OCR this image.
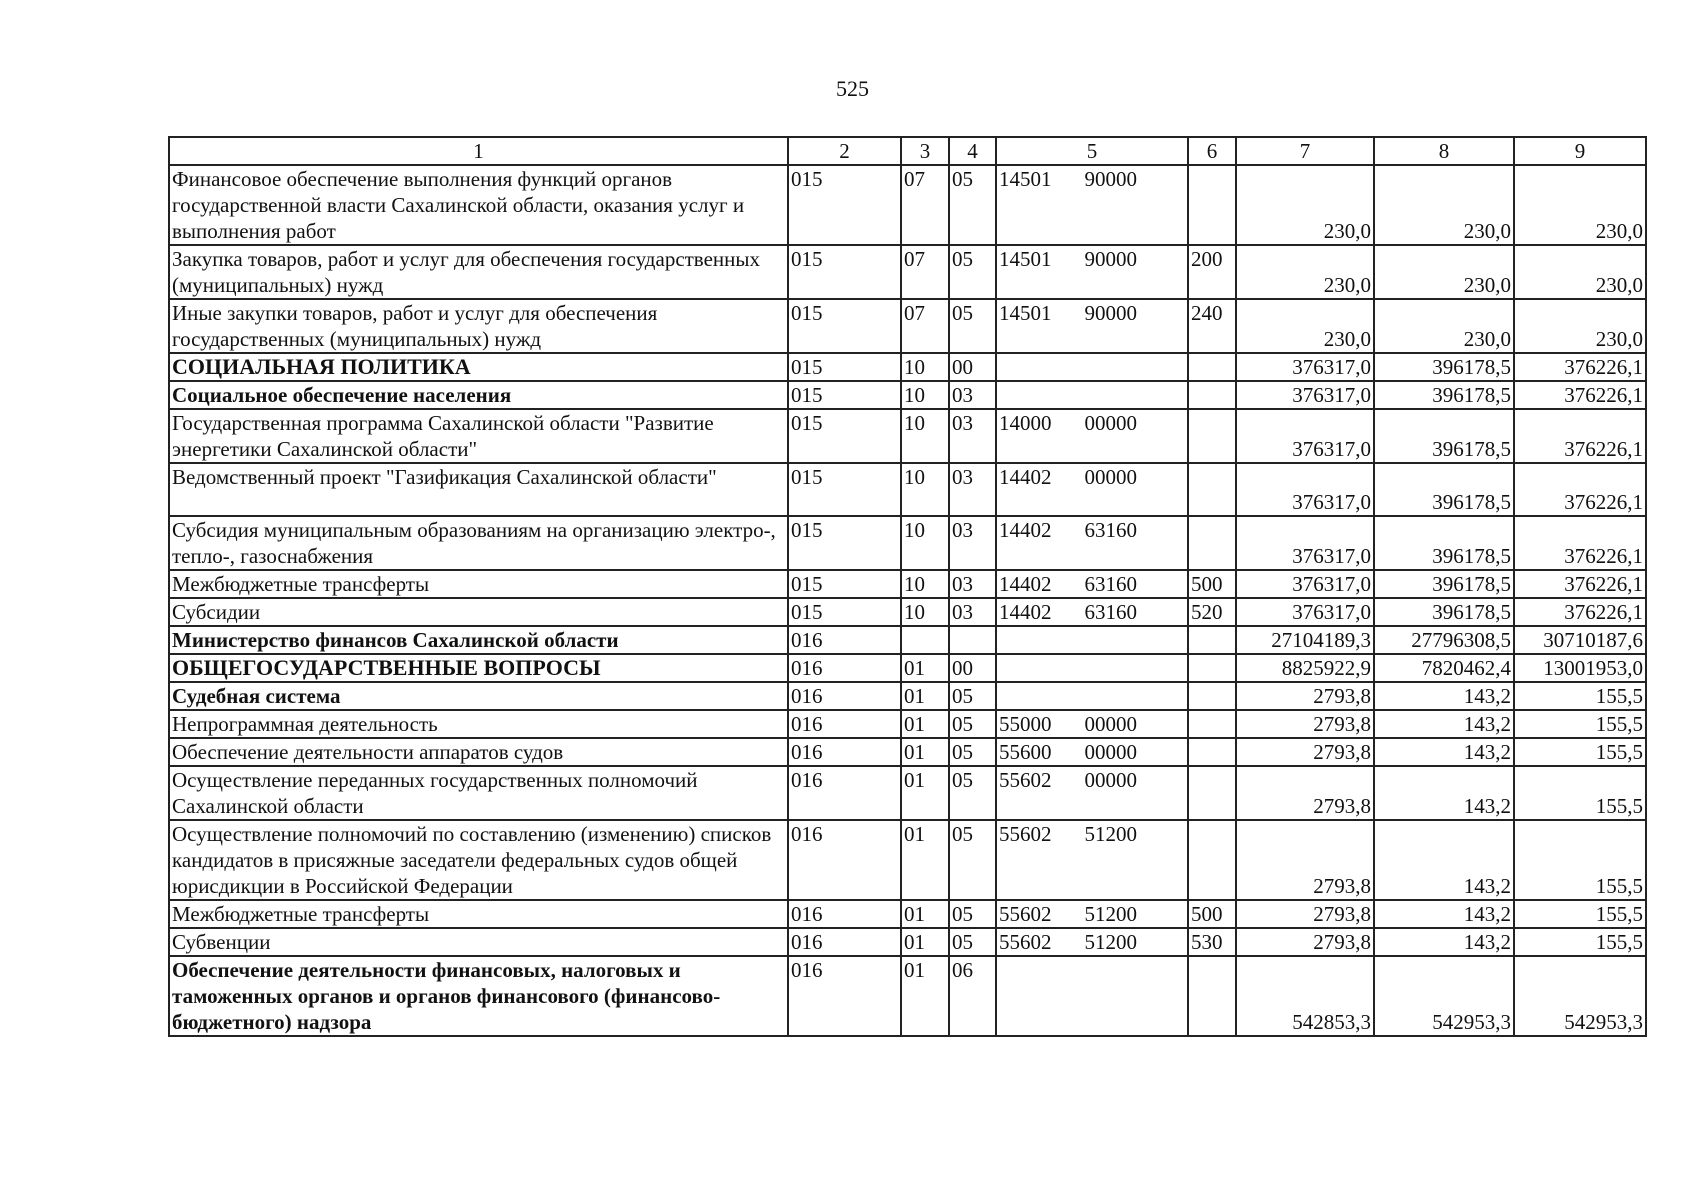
525
1	2	3	4	5	6	7	8	9
Финансовое обеспечение выполнения функций органов государственной власти Сахалинской области, оказания услуг и выполнения работ	015	07	05	14501 90000		230,0	230,0	230,0
Закупка товаров, работ и услуг для обеспечения государственных (муниципальных) нужд	015	07	05	14501 90000	200	230,0	230,0	230,0
Иные закупки товаров, работ и услуг для обеспечения государственных (муниципальных) нужд	015	07	05	14501 90000	240	230,0	230,0	230,0
СОЦИАЛЬНАЯ ПОЛИТИКА	015	10	00			376317,0	396178,5	376226,1
Социальное обеспечение населения	015	10	03			376317,0	396178,5	376226,1
Государственная программа Сахалинской области "Развитие энергетики Сахалинской области"	015	10	03	14000 00000		376317,0	396178,5	376226,1
Ведомственный проект "Газификация Сахалинской области"	015	10	03	14402 00000		376317,0	396178,5	376226,1
Субсидия муниципальным образованиям на организацию электро-, тепло-, газоснабжения	015	10	03	14402 63160		376317,0	396178,5	376226,1
Межбюджетные трансферты	015	10	03	14402 63160	500	376317,0	396178,5	376226,1
Субсидии	015	10	03	14402 63160	520	376317,0	396178,5	376226,1
Министерство финансов Сахалинской области	016					27104189,3	27796308,5	30710187,6
ОБЩЕГОСУДАРСТВЕННЫЕ ВОПРОСЫ	016	01	00			8825922,9	7820462,4	13001953,0
Судебная система	016	01	05			2793,8	143,2	155,5
Непрограммная деятельность	016	01	05	55000 00000		2793,8	143,2	155,5
Обеспечение деятельности аппаратов судов	016	01	05	55600 00000		2793,8	143,2	155,5
Осуществление переданных государственных полномочий Сахалинской области	016	01	05	55602 00000		2793,8	143,2	155,5
Осуществление полномочий по составлению (изменению) списков кандидатов в присяжные заседатели федеральных судов общей юрисдикции в Российской Федерации	016	01	05	55602 51200		2793,8	143,2	155,5
Межбюджетные трансферты	016	01	05	55602 51200	500	2793,8	143,2	155,5
Субвенции	016	01	05	55602 51200	530	2793,8	143,2	155,5
Обеспечение деятельности финансовых, налоговых и таможенных органов и органов финансового (финансово-бюджетного) надзора	016	01	06			542853,3	542953,3	542953,3
